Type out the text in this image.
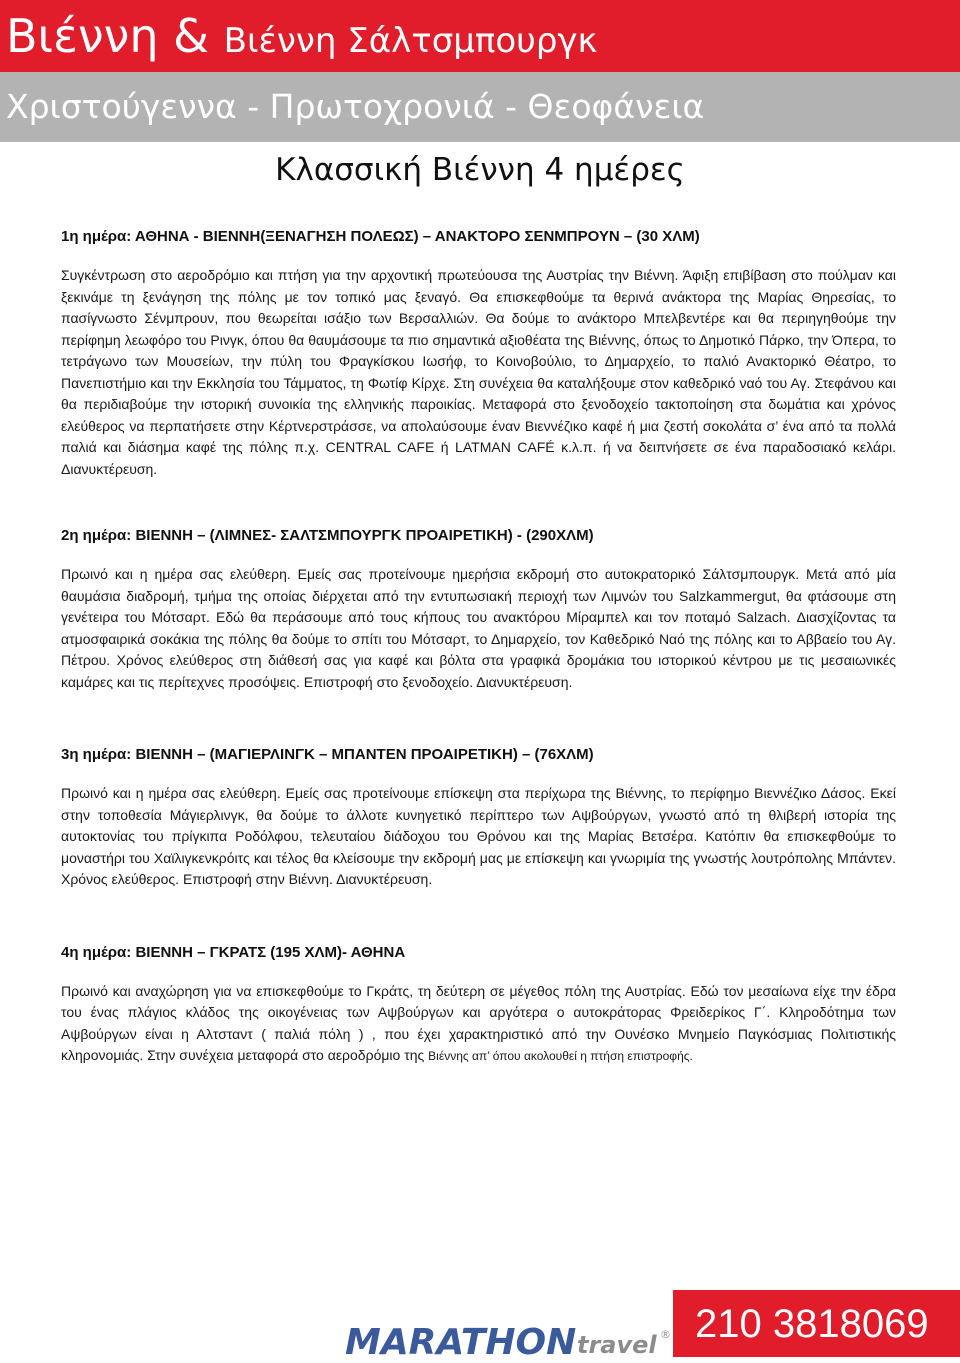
Βιέννη & Βιέννη Σάλτσμπουργκ
Χριστούγεννα - Πρωτοχρονιά - Θεοφάνεια
Κλασσική Βιέννη 4 ημέρες
1η ημέρα: ΑΘΗΝΑ - ΒΙΕΝΝΗ(ΞΕΝΑΓΗΣΗ ΠΟΛΕΩΣ) – ΑΝΑΚΤΟΡΟ ΣΕΝΜΠΡΟΥΝ – (30 ΧΛΜ)

Συγκέντρωση στο αεροδρόμιο και πτήση για την αρχοντική πρωτεύουσα της Αυστρίας την Βιέννη. Άφιξη επιβίβαση στο πούλμαν και ξεκινάμε τη ξενάγηση της πόλης με τον τοπικό μας ξεναγό. Θα επισκεφθούμε τα θερινά ανάκτορα της Μαρίας Θηρεσίας, το πασίγνωστο Σένμπρουν, που θεωρείται ισάξιο των Βερσαλλιών. Θα δούμε το ανάκτορο Μπελβεντέρε και θα περιηγηθούμε την περίφημη λεωφόρο του Ρινγκ, όπου θα θαυμάσουμε τα πιο σημαντικά αξιοθέατα της Βιέννης, όπως το Δημοτικό Πάρκο, την Όπερα, το τετράγωνο των Μουσείων, την πύλη του Φραγκίσκου Ιωσήφ, το Κοινοβούλιο, το Δημαρχείο, το παλιό Ανακτορικό Θέατρο, το Πανεπιστήμιο και την Εκκλησία του Τάμματος, τη Φωτίφ Κίρχε. Στη συνέχεια θα καταλήξουμε στον καθεδρικό ναό του Αγ. Στεφάνου και θα περιδιαβούμε την ιστορική συνοικία της ελληνικής παροικίας. Μεταφορά στο ξενοδοχείο τακτοποίηση στα δωμάτια και χρόνος ελεύθερος να περπατήσετε στην Κέρτνερστράσσε, να απολαύσουμε έναν Βιεννέζικο καφέ ή μια ζεστή σοκολάτα σ’ ένα από τα πολλά παλιά και διάσημα καφέ της πόλης π.χ. CENTRAL CAFE ή LATMAN CAFÉ κ.λ.π. ή να δειπνήσετε σε ένα παραδοσιακό κελάρι. Διανυκτέρευση.

2η ημέρα: ΒΙΕΝΝΗ – (ΛΙΜΝΕΣ- ΣΑΛΤΣΜΠΟΥΡΓΚ ΠΡΟΑΙΡΕΤΙΚΗ) - (290ΧΛΜ)

Πρωινό και η ημέρα σας ελεύθερη. Εμείς σας προτείνουμε ημερήσια εκδρομή στο αυτοκρατορικό Σάλτσμπουργκ. Μετά από μία θαυμάσια διαδρομή, τμήμα της οποίας διέρχεται από την εντυπωσιακή περιοχή των Λιμνών του Salzkammergut, θα φτάσουμε στη γενέτειρα του Μότσαρτ. Εδώ θα περάσουμε από τους κήπους του ανακτόρου Μίραμπελ και τον ποταμό Salzach. Διασχίζοντας τα ατμοσφαιρικά σοκάκια της πόλης θα δούμε το σπίτι του Μότσαρτ, το Δημαρχείο, τον Καθεδρικό Ναό της πόλης και το Αββαείο του Αγ. Πέτρου. Χρόνος ελεύθερος στη διάθεσή σας για καφέ και βόλτα στα γραφικά δρομάκια του ιστορικού κέντρου με τις μεσαιωνικές καμάρες και τις περίτεχνες προσόψεις. Επιστροφή στο ξενοδοχείο. Διανυκτέρευση.

3η ημέρα: ΒΙΕΝΝΗ – (ΜΑΓΙΕΡΛΙΝΓΚ – ΜΠΑΝΤΕΝ ΠΡΟΑΙΡΕΤΙΚΗ) – (76ΧΛΜ)

Πρωινό και η ημέρα σας ελεύθερη. Εμείς σας προτείνουμε επίσκεψη στα περίχωρα της Βιέννης, το περίφημο Βιεννέζικο Δάσος. Εκεί στην τοποθεσία Μάγιερλινγκ, θα δούμε το άλλοτε κυνηγετικό περίπτερο των Αψβούργων, γνωστό από τη θλιβερή ιστορία της αυτοκτονίας του πρίγκιπα Ροδόλφου, τελευταίου διάδοχου του Θρόνου και της Μαρίας Βετσέρα. Κατόπιν θα επισκεφθούμε το μοναστήρι του Χαϊλιγκενκρόιτς και τέλος θα κλείσουμε την εκδρομή μας με επίσκεψη και γνωριμία της γνωστής λουτρόπολης Μπάντεν. Χρόνος ελεύθερος. Επιστροφή στην Βιέννη. Διανυκτέρευση.

4η ημέρα: ΒΙΕΝΝΗ – ΓΚΡΑΤΣ (195 ΧΛΜ)- ΑΘΗΝΑ

Πρωινό και αναχώρηση για να επισκεφθούμε το Γκράτς, τη δεύτερη σε μέγεθος πόλη της Αυστρίας. Εδώ τον μεσαίωνα είχε την έδρα του ένας πλάγιος κλάδος της οικογένειας των Αψβούργων και αργότερα ο αυτοκράτορας Φρειδερίκος Γ΄. Κληροδότημα των Αψβούργων είναι η Αλτσταντ ( παλιά πόλη ) , που έχει χαρακτηριστικό από την Ουνέσκο Μνημείο Παγκόσμιας Πολιτιστικής κληρονομιάς. Στην συνέχεια μεταφορά στο αεροδρόμιο της Βιέννης απ’ όπου ακολουθεί η πτήση επιστροφής.

MARATHON travel ® 210 3818069
